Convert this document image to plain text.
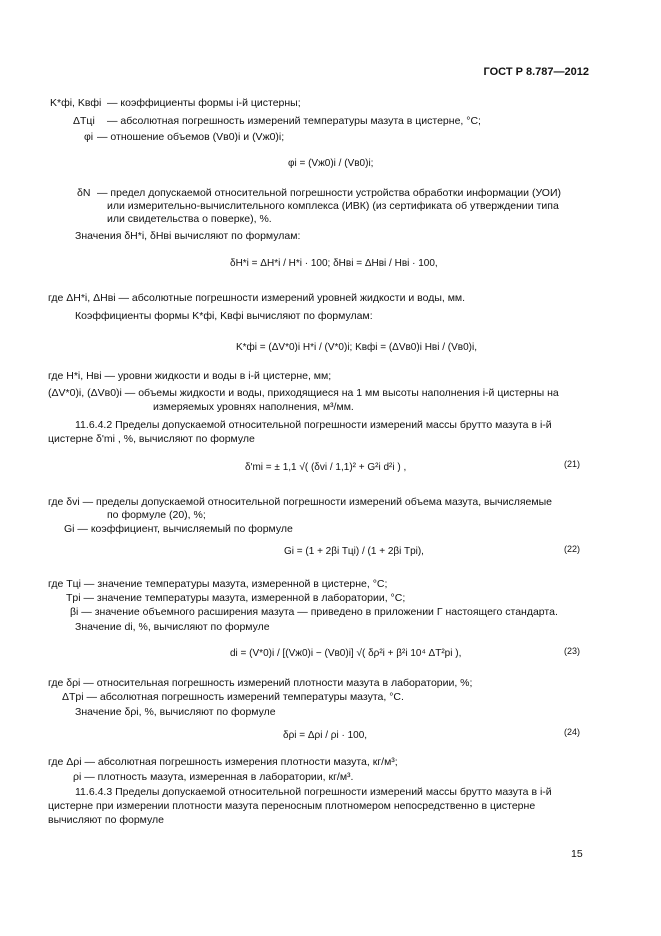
ГОСТ Р 8.787—2012
K*фi, Kвфi — коэффициенты формы i-й цистерны;
ΔTцi — абсолютная погрешность измерений температуры мазута в цистерне, °С;
φi — отношение объемов (Vв0)i и (Vж0)i;
φi = (Vж0)i / (Vв0)i;
δN — предел допускаемой относительной погрешности устройства обработки информации (УОИ)
или измерительно-вычислительного комплекса (ИВК) (из сертификата об утверждении типа
или свидетельства о поверке), %.
Значения δH*i, δHвi вычисляют по формулам:
δH*i = ΔH*i / H*i · 100; δHвi = ΔHвi / Hвi · 100,
где ΔH*i, ΔHвi — абсолютные погрешности измерений уровней жидкости и воды, мм.
Коэффициенты формы K*фi, Kвфi вычисляют по формулам:
K*фi = (ΔV*0)i H*i / (V*0)i; Kвфi = (ΔVв0)i Hвi / (Vв0)i,
где H*i, Hвi — уровни жидкости и воды в i-й цистерне, мм;
(ΔV*0)i, (ΔVв0)i — объемы жидкости и воды, приходящиеся на 1 мм высоты наполнения i-й цистерны на
измеряемых уровнях наполнения, м³/мм.
11.6.4.2 Пределы допускаемой относительной погрешности измерений массы брутто мазута в i-й
цистерне δ'mi , %, вычисляют по формуле
δ'mi = ± 1,1 √( (δvi / 1,1)² + G²i d²i ) ,	(21)
где δvi — пределы допускаемой относительной погрешности измерений объема мазута, вычисляемые
по формуле (20), %;
Gi — коэффициент, вычисляемый по формуле
Gi = (1 + 2βi Tцi) / (1 + 2βi Tpi),	(22)
где Tцi — значение температуры мазута, измеренной в цистерне, °С;
Tpi — значение температуры мазута, измеренной в лаборатории, °С;
βi — значение объемного расширения мазута — приведено в приложении Г настоящего стандарта.
Значение di, %, вычисляют по формуле
di = (V*0)i / [(Vж0)i − (Vв0)i] √( δρ²i + β²i 10⁴ ΔT²pi ),	(23)
где δρi — относительная погрешность измерений плотности мазута в лаборатории, %;
ΔTpi — абсолютная погрешность измерений температуры мазута, °С.
Значение δρi, %, вычисляют по формуле
δρi = Δρi / ρi · 100,	(24)
где Δρi — абсолютная погрешность измерения плотности мазута, кг/м³;
ρi — плотность мазута, измеренная в лаборатории, кг/м³.
11.6.4.3 Пределы допускаемой относительной погрешности измерений массы брутто мазута в i-й
цистерне при измерении плотности мазута переносным плотномером непосредственно в цистерне
вычисляют по формуле
15
